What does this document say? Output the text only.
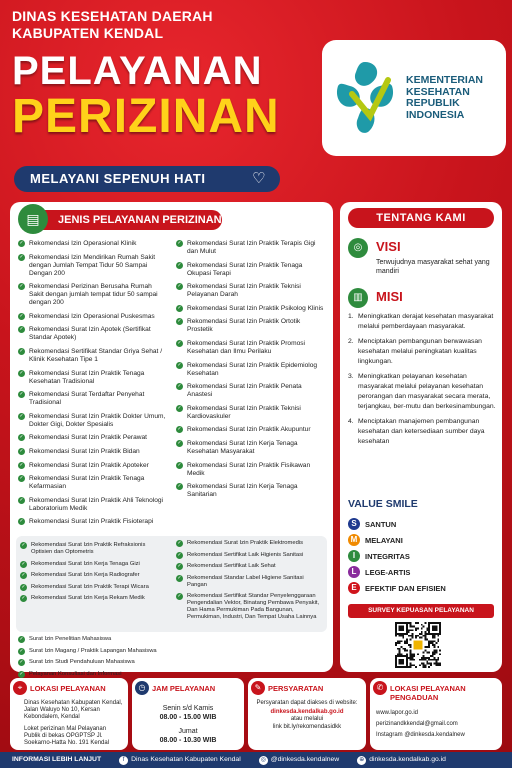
DINAS KESEHATAN DAERAH
KABUPATEN KENDAL
PELAYANAN
PERIZINAN
MELAYANI SEPENUH HATI	♡
KEMENTERIAN
KESEHATAN
REPUBLIK
INDONESIA
JENIS PELAYANAN PERIZINAN
▤
✓ Rekomendasi Izin Operasional Klinik
✓ Rekomendasi Izin Mendirikan Rumah Sakit dengan Jumlah Tempat Tidur 50 Sampai Dengan 200
✓ Rekomendasi Perizinan Berusaha Rumah Sakit dengan jumlah tempat tidur 50 sampai dengan 200
✓ Rekomendasi Izin Operasional Puskesmas
✓ Rekomendasi Surat Izin Apotek (Sertifikat Standar Apotek)
✓ Rekomendasi Sertifikat Standar Griya Sehat / Klinik Kesehatan Tipe 1
✓ Rekomendasi Surat Izin Praktik Tenaga Kesehatan Tradisional
✓ Rekomendasi Surat Terdaftar Penyehat Tradisional
✓ Rekomendasi Surat Izin Praktik Dokter Umum, Dokter Gigi, Dokter Spesialis
✓ Rekomendasi Surat Izin Praktik Perawat
✓ Rekomendasi Surat Izin Praktik Bidan
✓ Rekomendasi Surat Izin Praktik Apoteker
✓ Rekomendasi Surat Izin Praktik Tenaga Kefarmasian
✓ Rekomendasi Surat Izin Praktik Ahli Teknologi Laboratorium Medik
✓ Rekomendasi Surat Izin Praktik Fisioterapi
✓ Rekomendasi Surat Izin Praktik Terapis Gigi dan Mulut
✓ Rekomendasi Surat Izin Praktik Tenaga Okupasi Terapi
✓ Rekomendasi Surat Izin Praktik Teknisi Pelayanan Darah
✓ Rekomendasi Surat Izin Praktik Psikolog Klinis
✓ Rekomendasi Surat Izin Praktik Ortotik Prostetik
✓ Rekomendasi Surat Izin Praktik Promosi Kesehatan dan Ilmu Perilaku
✓ Rekomendasi Surat Izin Praktik Epidemiolog Kesehatan
✓ Rekomendasi Surat Izin Praktik Penata Anastesi
✓ Rekomendasi Surat Izin Praktik Teknisi Kardiovaskuler
✓ Rekomendasi Surat Izin Praktik Akupuntur
✓ Rekomendasi Surat Izin Kerja Tenaga Kesehatan Masyarakat
✓ Rekomendasi Surat Izin Praktik Fisikawan Medik
✓ Rekomendasi Surat Izin Kerja Tenaga Sanitarian
✓ Rekomendasi Surat Izin Praktik Refraksionis Optisien dan Optometris
✓ Rekomendasi Surat Izin Kerja Tenaga Gizi
✓ Rekomendasi Surat Izin Kerja Radiografer
✓ Rekomendasi Surat Izin Praktik Terapi Wicara
✓ Rekomendasi Surat Izin Kerja Rekam Medik
✓ Rekomendasi Surat Izin Praktik Elektromedis
✓ Rekomendasi Sertifikat Laik Higienis Sanitasi
✓ Rekomendasi Sertifikat Laik Sehat
✓ Rekomendasi Standar Label Higiene Sanitasi Pangan
✓ Rekomendasi Sertifikat Standar Penyelenggaraan Pengendalian Vektor, Binatang Pembawa Penyakit, Dan Hama Permukiman Pada Bangunan, Permukiman, Industri, Dan Tempat Usaha Lainnya
✓ Surat Izin Penelitian Mahasiswa
✓ Surat Izin Magang / Praktik Lapangan Mahasiswa
✓ Surat Izin Studi Pendahuluan Mahasiswa
✓ Pelayanan Konsultasi dan Informasi
TENTANG KAMI
◎	VISI
Terwujudnya masyarakat sehat yang mandiri
▥	MISI
1. Meningkatkan derajat kesehatan masyarakat melalui pemberdayaan masyarakat.
2. Menciptakan pembangunan berwawasan kesehatan melalui peningkatan kualitas lingkungan.
3. Meningkatkan pelayanan kesehatan masyarakat melalui pelayanan kesehatan perorangan dan masyarakat secara merata, terjangkau, ber-mutu dan berkesinambungan.
4. Menciptakan manajemen pembangunan kesehatan dan ketersediaan sumber daya kesehatan
VALUE SMILE
S	SANTUN
M	MELAYANI
I	INTEGRITAS
L	LEGE-ARTIS
E	EFEKTIF DAN EFISIEN
SURVEY KEPUASAN PELAYANAN
⌖	LOKASI PELAYANAN
Dinas Kesehatan Kabupaten Kendal, Jalan Waluyo No 10, Kersan Kebondalem, Kendal
Loket perizinan Mal Pelayanan Publik di bekas OPGPTSP Jl. Soekarno-Hatta No. 191 Kendal
◷ JAM PELAYANAN
Senin s/d Kamis
08.00 - 15.00 WIB
Jumat
08.00 - 10.30 WIB
✎ PERSYARATAN
Persyaratan dapat diakses di website:
dinkesda.kendalkab.go.id
atau melalui
link bit.ly/rekomendasidkk
✆ LOKASI PELAYANAN PENGADUAN
www.lapor.go.id
perizinandkkendal@gmail.com
Instagram @dinkesda.kendalnew
INFORMASI LEBIH LANJUT	f Dinas Kesehatan Kabupaten Kendal	◎ @dinkesda.kendalnew	⊕ dinkesda.kendalkab.go.id
